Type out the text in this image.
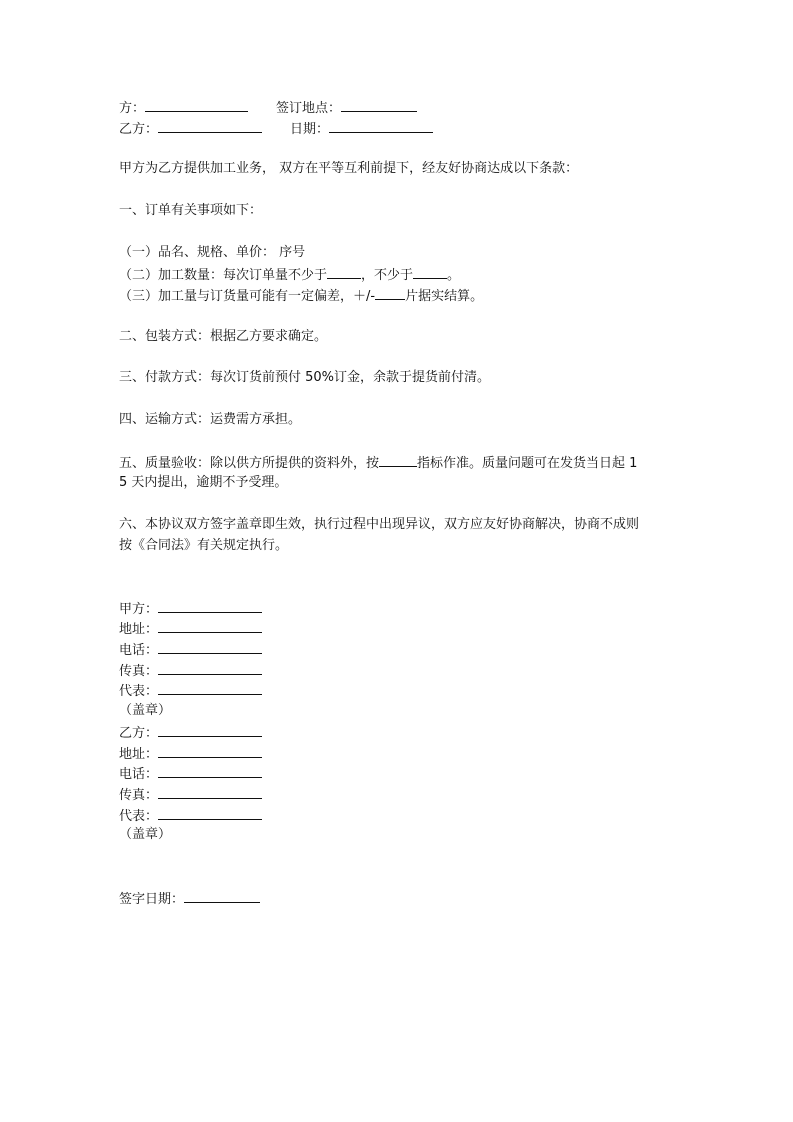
方：	签订地点：
乙方：	日期：
甲方为乙方提供加工业务， 双方在平等互利前提下，经友好协商达成以下条款：
一、订单有关事项如下：
（一）品名、规格、单价： 序号
（二）加工数量：每次订单量不少于	，不少于	。
（三）加工量与订货量可能有一定偏差，＋/- 片据实结算。
二、包装方式：根据乙方要求确定。
三、付款方式：每次订货前预付 50%订金，余款于提货前付清。
四、运输方式：运费需方承担。
五、质量验收：除以供方所提供的资料外，按	指标作准。质量问题可在发货当日起 1
5 天内提出，逾期不予受理。
六、本协议双方签字盖章即生效，执行过程中出现异议，双方应友好协商解决，协商不成则
按《合同法》有关规定执行。
甲方：
地址：
电话：
传真：
代表：
（盖章）
乙方：
地址：
电话：
传真：
代表：
（盖章）
签字日期：
